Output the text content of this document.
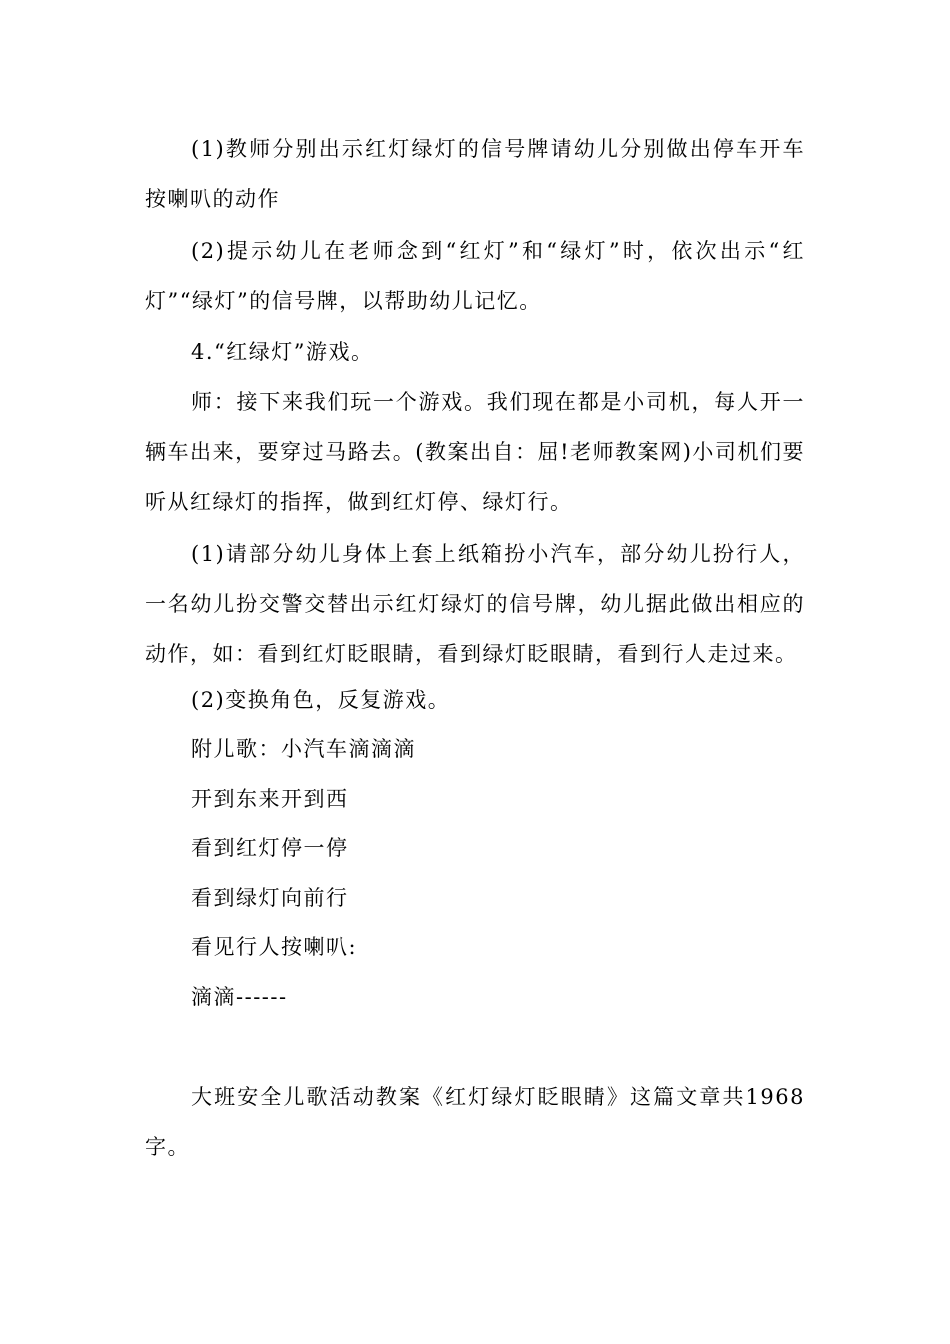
(1)教师分别出示红灯绿灯的信号牌请幼儿分别做出停车开车按喇叭的动作

(2)提示幼儿在老师念到“红灯”和“绿灯”时，依次出示“红灯”“绿灯”的信号牌，以帮助幼儿记忆。

4.“红绿灯”游戏。

师：接下来我们玩一个游戏。我们现在都是小司机，每人开一辆车出来，要穿过马路去。(教案出自：屈!老师教案网)小司机们要听从红绿灯的指挥，做到红灯停、绿灯行。

(1)请部分幼儿身体上套上纸箱扮小汽车，部分幼儿扮行人，一名幼儿扮交警交替出示红灯绿灯的信号牌，幼儿据此做出相应的动作，如：看到红灯眨眼睛，看到绿灯眨眼睛，看到行人走过来。

(2)变换角色，反复游戏。

附儿歌：小汽车滴滴滴

开到东来开到西

看到红灯停一停

看到绿灯向前行

看见行人按喇叭:

滴滴------

大班安全儿歌活动教案《红灯绿灯眨眼睛》这篇文章共1968字。
